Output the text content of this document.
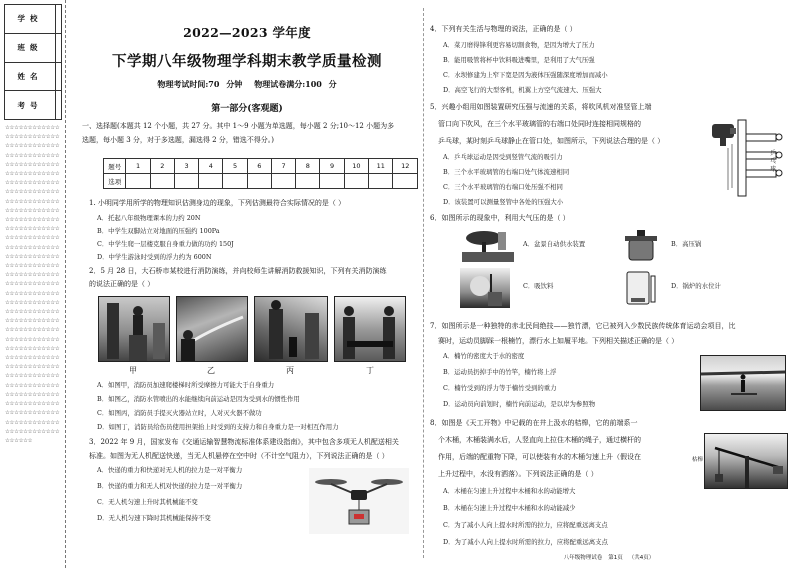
学校
班级
姓名
考号
☆☆☆☆☆☆☆☆☆☆☆☆☆☆☆☆☆☆☆☆☆☆☆☆☆☆☆☆☆☆☆☆☆☆☆☆☆☆☆☆☆☆☆☆☆☆☆☆☆☆☆☆☆☆☆☆☆☆☆☆☆☆☆☆☆☆☆☆☆☆☆☆☆☆☆☆☆☆☆☆☆☆☆☆☆☆☆☆☆☆☆☆☆☆☆☆☆☆☆☆☆☆☆☆☆☆☆☆☆☆☆☆☆☆☆☆☆☆☆☆☆☆☆☆☆☆☆☆☆☆☆☆☆☆☆☆☆☆☆☆☆☆☆☆☆☆☆☆☆☆☆☆☆☆☆☆☆☆☆☆☆☆☆☆☆☆☆☆☆☆☆☆☆☆☆☆☆☆☆☆☆☆☆☆☆☆☆☆☆☆☆☆☆☆☆☆☆☆☆☆☆☆☆☆☆☆☆☆☆☆☆☆☆☆☆☆☆☆☆☆☆☆☆☆☆☆☆☆☆☆☆☆☆☆☆☆☆☆☆☆☆☆☆☆☆☆☆☆☆☆☆☆☆☆☆☆☆☆☆☆☆☆☆☆☆☆☆☆☆☆☆☆☆☆☆☆☆☆☆☆☆☆☆☆☆☆☆☆☆☆☆☆☆☆☆☆☆☆☆☆☆☆☆☆☆☆☆☆☆☆☆☆☆☆☆☆☆☆☆☆☆☆☆☆☆☆☆☆☆☆☆☆☆☆☆☆☆☆☆☆☆☆☆☆☆☆☆☆☆☆☆☆☆☆☆☆☆☆☆☆☆☆☆☆☆☆☆☆☆☆☆☆☆☆☆☆☆☆☆☆☆☆☆☆☆☆☆☆☆☆☆☆☆☆☆☆☆☆☆☆☆☆☆☆☆☆☆☆☆☆☆☆☆☆
2022—2023 学年度
下学期八年级物理学科期末教学质量检测
物理考试时间:70 分钟 物理试卷满分:100 分
第一部分(客观题)
一、选择题(本题共 12 个小题，共 27 分。其中 1～9 小题为单选题，每小题 2 分;10～12 小题为多
选题，每小题 3 分，对于多选题，漏选得 2 分，错选不得分。)
题号	1	2	3	4	5	6	7	8	9	10	11	12
选项												
1. 小明同学用所学的物理知识估测身边的现象，下列估测最符合实际情况的是（ ）
A．托起八年级物理课本的力约 20N
B．中学生双脚站立对地面的压强约 100Pa
C．中学生爬一层楼克服自身重力做的功约 150J
D．中学生游泳时受到的浮力约为 600N
2．5 月 28 日，大石桥市某校进行消防演练，并向校师生讲解消防救援知识，下列有关消防演练
的说法正确的是（ ）
甲	乙	丙	丁
A．如图甲，消防员加速爬楼梯时所受摩擦力可能大于自身重力
B．如图乙，消防水管喷出的水能继续向前运动是因为受到水的惯性作用
C．如图丙，消防员手提灭火器站立时，人对灭火器不做功
D．如图丁，消防员给伤员使用担架抬上时受到的支持力和自身重力是一对相互作用力
3．2022 年 9 月，国家发布《交通运输智慧物流标准体系建设指南》，其中包含多项无人机配送相关
标准。如图为无人机配送快递，当无人机悬停在空中时（不计空气阻力），下列说法正确的是（ ）
A．快递的重力和快递对无人机的拉力是一对平衡力
B．快递的重力和无人机对快递的拉力是一对平衡力
C．无人机匀速上升时其机械能不变
D．无人机匀速下降时其机械能保持不变
4．下列有关生活与物理的说法，正确的是（ ）
A．菜刀磨得锋利更容易切割食物，是因为增大了压力
B．能用吸管将杯中饮料吸进嘴里，是利用了大气压强
C．水坝修建为上窄下宽是因为液体压强随深度增加而减小
D．高空飞行的大型客机，机翼上方空气流速大、压强大
5．兴趣小组用如图装置研究压强与流速的关系，将吹风机对准竖管上端
管口向下吹风，在三个水平玻璃管的右端口处同时连接相同规格的
乒乓球，某时刻乒乓球静止在管口处，如图所示，下列说法合理的是（ ）
A．乒乓球运动是因受到竖管气流的吸引力
B．三个水平玻璃管的右端口处气体流速相同
C．三个水平玻璃管的右端口处压强不相同
D．该装置可以测量竖管中各处的压强大小
乒乓球
6．如图所示的现象中，利用大气压的是（ ）
A．盆景自动供水装置	B．高压锅
C．吸饮料	D．锅炉的水位计
7．如图所示是一种独特的赤北民间绝技——独竹漂，它已被列入少数民族传统体育运动会项目，比
赛时，运动员脚踩一根楠竹，漂行水上如履平地。下列相关描述正确的是（ ）
A．楠竹的密度大于水的密度
B．运动员扔掉手中的竹竿，楠竹将上浮
C．楠竹受到的浮力等于楠竹受到的重力
D．运动员向前划时，楠竹向前运动，是以岸为参照物
8．如图是《天工开物》中记载的在井上汲水的桔槔，它的前端系一
个木桶，木桶装满水后，人竖直向上拉住木桶的绳子，通过横杆的
作用，后端的配重物下降，可以使装有水的木桶匀速上升（假设在
上升过程中，水没有洒落）。下列说法正确的是（ ）
A．木桶在匀速上升过程中木桶和水的动能增大
B．木桶在匀速上升过程中木桶和水的动能减少
C．为了减小人向上提水时所需的拉力，应将配重远离支点
D．为了减小人向上提水时所需的拉力，应将配重远离支点
枯槔
八年级物理试卷 第1页 （共4页）
